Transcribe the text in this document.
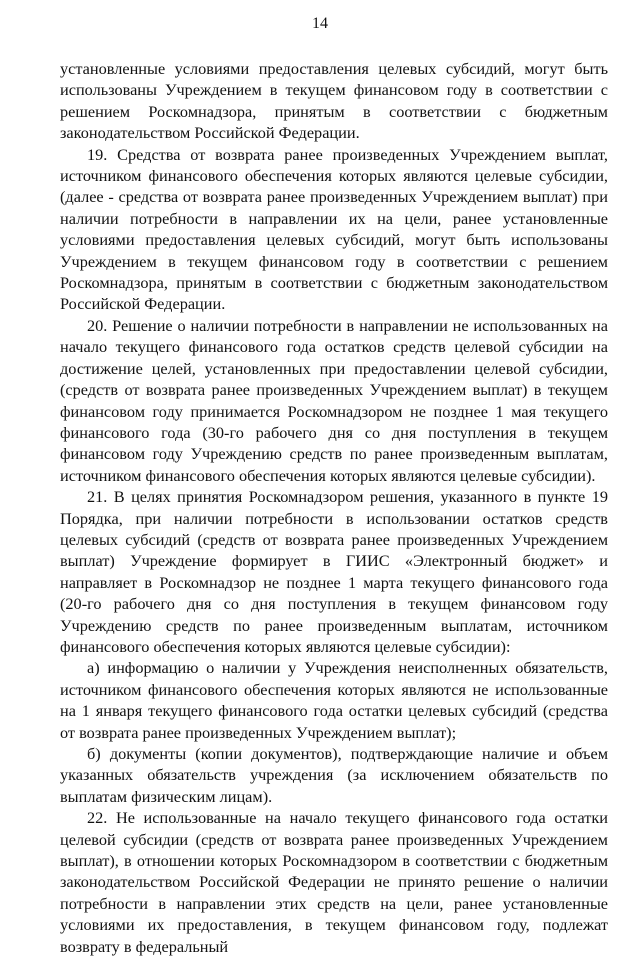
14

установленные условиями предоставления целевых субсидий, могут быть использованы Учреждением в текущем финансовом году в соответствии с решением Роскомнадзора, принятым в соответствии с бюджетным законодательством Российской Федерации.

19. Средства от возврата ранее произведенных Учреждением выплат, источником финансового обеспечения которых являются целевые субсидии, (далее - средства от возврата ранее произведенных Учреждением выплат) при наличии потребности в направлении их на цели, ранее установленные условиями предоставления целевых субсидий, могут быть использованы Учреждением в текущем финансовом году в соответствии с решением Роскомнадзора, принятым в соответствии с бюджетным законодательством Российской Федерации.

20. Решение о наличии потребности в направлении не использованных на начало текущего финансового года остатков средств целевой субсидии на достижение целей, установленных при предоставлении целевой субсидии, (средств от возврата ранее произведенных Учреждением выплат) в текущем финансовом году принимается Роскомнадзором не позднее 1 мая текущего финансового года (30-го рабочего дня со дня поступления в текущем финансовом году Учреждению средств по ранее произведенным выплатам, источником финансового обеспечения которых являются целевые субсидии).

21. В целях принятия Роскомнадзором решения, указанного в пункте 19 Порядка, при наличии потребности в использовании остатков средств целевых субсидий (средств от возврата ранее произведенных Учреждением выплат) Учреждение формирует в ГИИС «Электронный бюджет» и направляет в Роскомнадзор не позднее 1 марта текущего финансового года (20-го рабочего дня со дня поступления в текущем финансовом году Учреждению средств по ранее произведенным выплатам, источником финансового обеспечения которых являются целевые субсидии):

а) информацию о наличии у Учреждения неисполненных обязательств, источником финансового обеспечения которых являются не использованные на 1 января текущего финансового года остатки целевых субсидий (средства от возврата ранее произведенных Учреждением выплат);

б) документы (копии документов), подтверждающие наличие и объем указанных обязательств учреждения (за исключением обязательств по выплатам физическим лицам).

22. Не использованные на начало текущего финансового года остатки целевой субсидии (средств от возврата ранее произведенных Учреждением выплат), в отношении которых Роскомнадзором в соответствии с бюджетным законодательством Российской Федерации не принято решение о наличии потребности в направлении этих средств на цели, ранее установленные условиями их предоставления, в текущем финансовом году, подлежат возврату в федеральный
